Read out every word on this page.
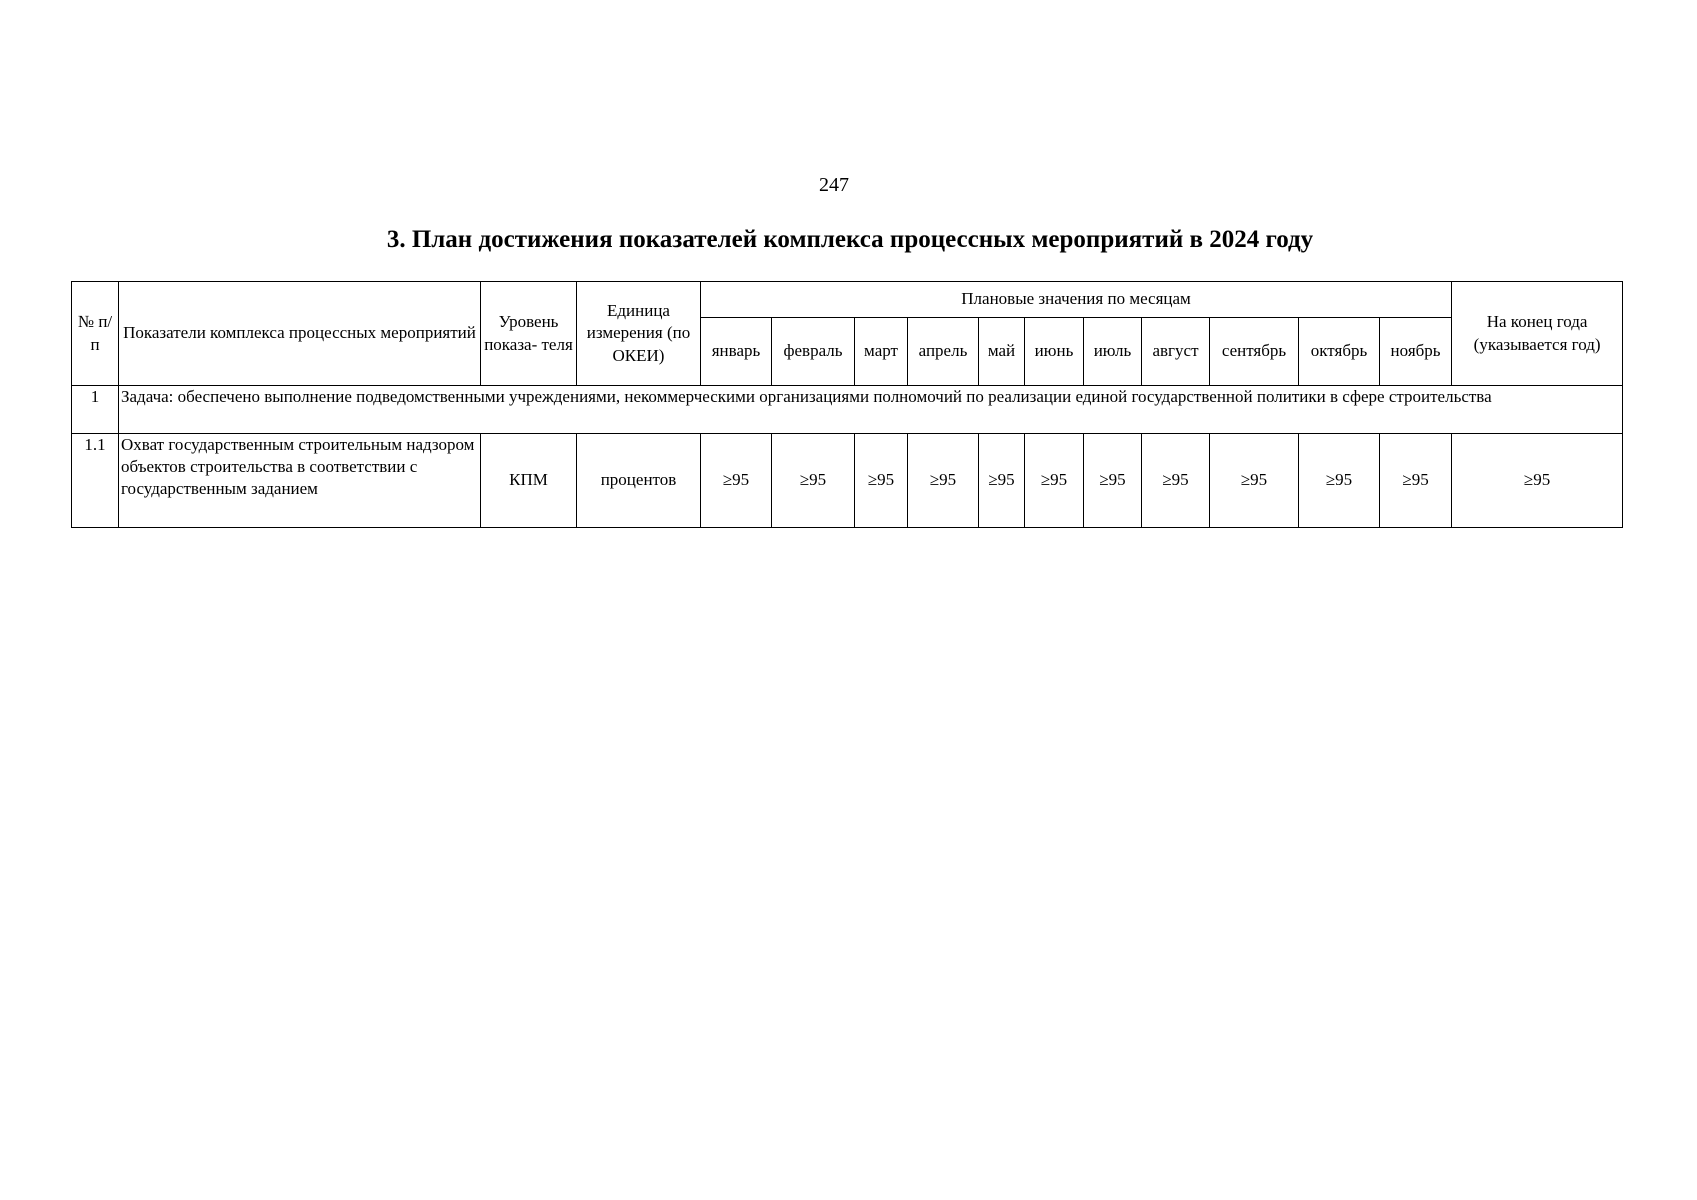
247
3. План достижения показателей комплекса процессных мероприятий в 2024 году
№ п/п	Показатели комплекса процессных мероприятий	Уровень показа- теля	Единица измерения (по ОКЕИ)	Плановые значения по месяцам											На конец года (указывается год)
				январь	февраль	март	апрель	май	июнь	июль	август	сентябрь	октябрь	ноябрь	
1	Задача: обеспечено выполнение подведомственными учреждениями, некоммерческими организациями полномочий по реализации единой государственной политики в сфере строительства														
1.1	Охват государственным строительным надзором объектов строительства в соответствии с государственным заданием	КПМ	процентов	≥95	≥95	≥95	≥95	≥95	≥95	≥95	≥95	≥95	≥95	≥95	≥95
